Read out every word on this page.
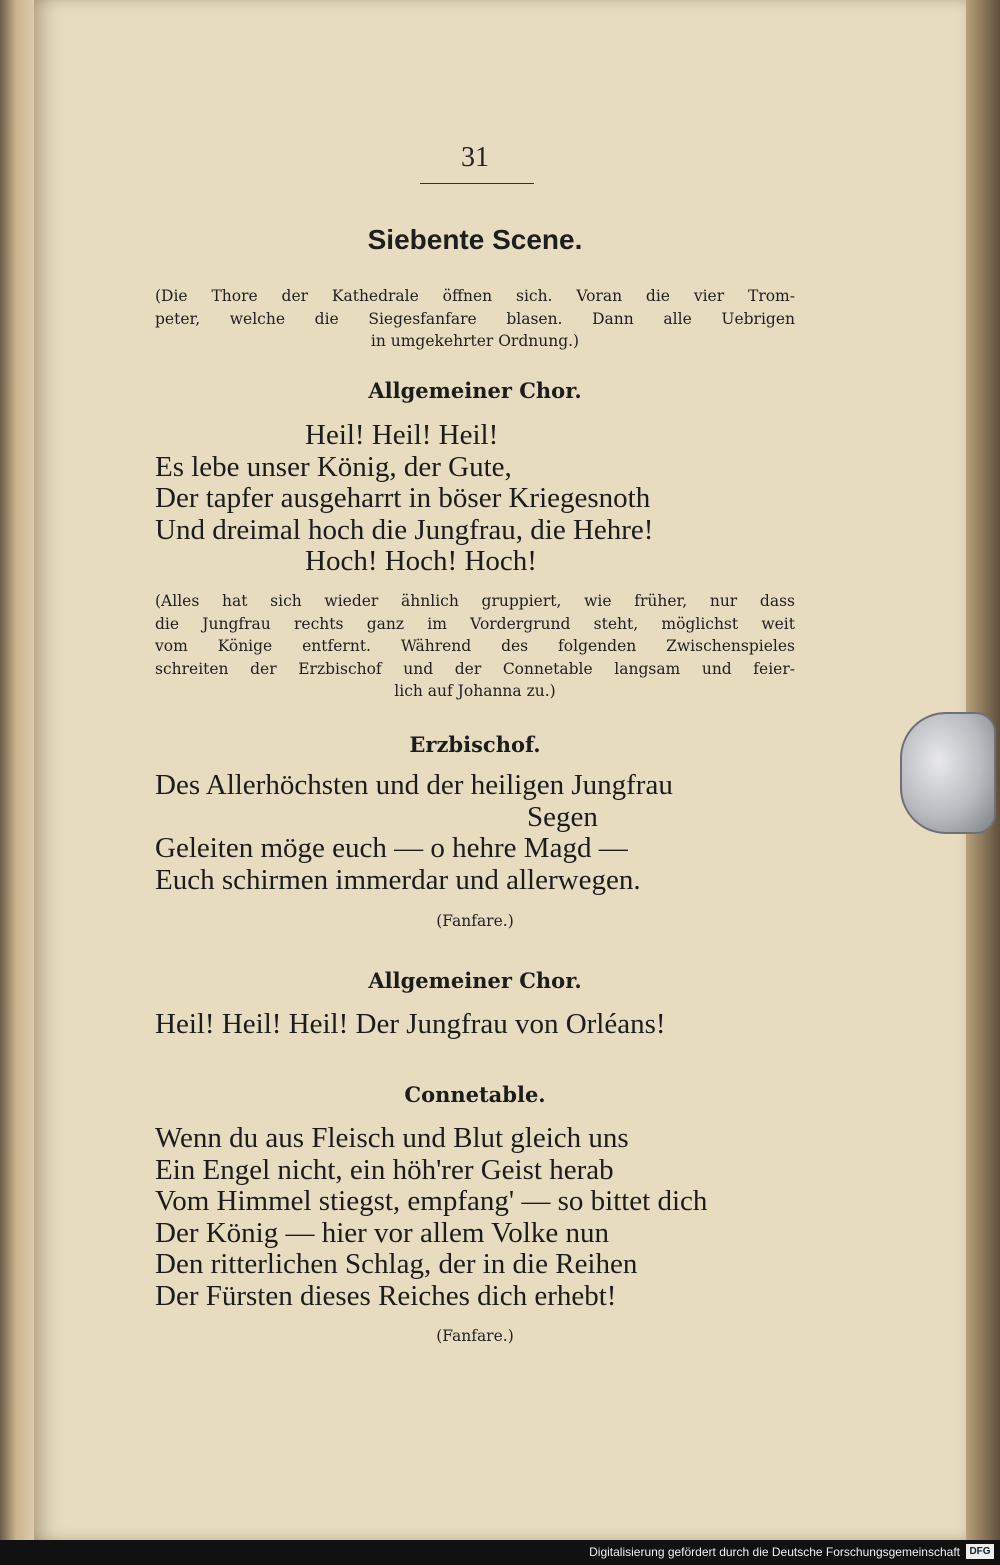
31
Siebente Scene.
(Die Thore der Kathedrale öffnen sich. Voran die vier Trom-
peter, welche die Siegesfanfare blasen. Dann alle Uebrigen
in umgekehrter Ordnung.)
Allgemeiner Chor.
Heil! Heil! Heil!
Es lebe unser König, der Gute,
Der tapfer ausgeharrt in böser Kriegesnoth
Und dreimal hoch die Jungfrau, die Hehre!
Hoch! Hoch! Hoch!
(Alles hat sich wieder ähnlich gruppiert, wie früher, nur dass
die Jungfrau rechts ganz im Vordergrund steht, möglichst weit
vom Könige entfernt. Während des folgenden Zwischenspieles
schreiten der Erzbischof und der Connetable langsam und feier-
lich auf Johanna zu.)
Erzbischof.
Des Allerhöchsten und der heiligen Jungfrau
Segen
Geleiten möge euch — o hehre Magd —
Euch schirmen immerdar und allerwegen.
(Fanfare.)
Allgemeiner Chor.
Heil! Heil! Heil! Der Jungfrau von Orléans!
Connetable.
Wenn du aus Fleisch und Blut gleich uns
Ein Engel nicht, ein höh'rer Geist herab
Vom Himmel stiegst, empfang' — so bittet dich
Der König — hier vor allem Volke nun
Den ritterlichen Schlag, der in die Reihen
Der Fürsten dieses Reiches dich erhebt!
(Fanfare.)
Digitalisierung gefördert durch die Deutsche Forschungsgemeinschaft DFG
